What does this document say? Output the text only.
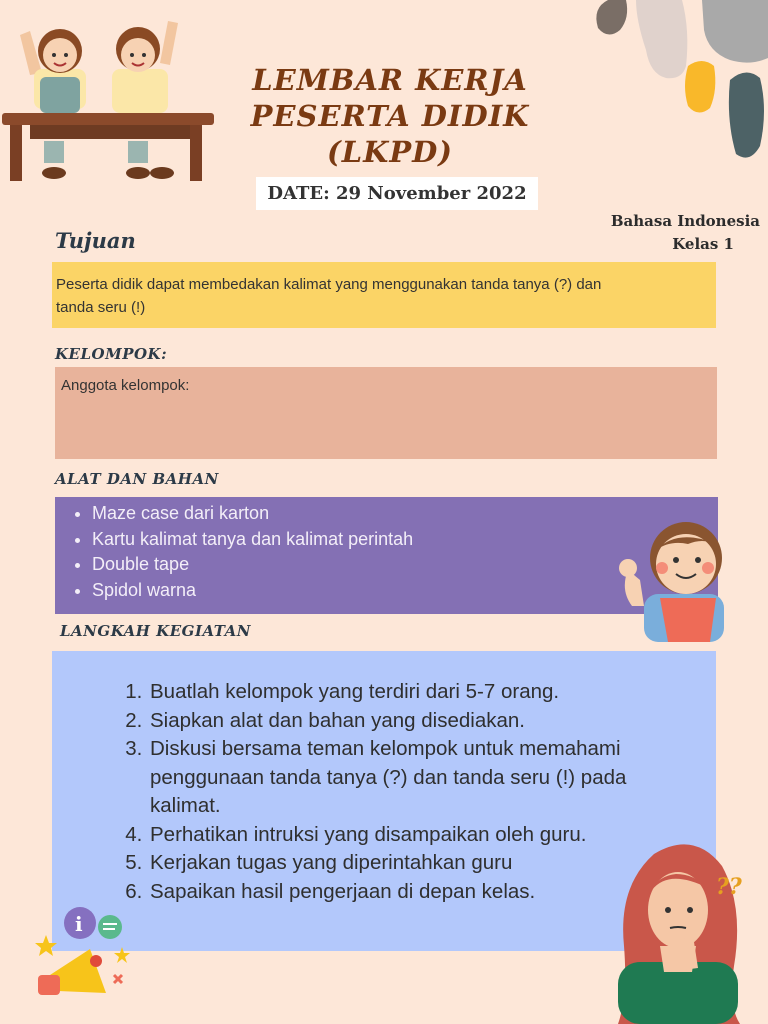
LEMBAR KERJA PESERTA DIDIK (LKPD)
DATE: 29 November 2022
Bahasa Indonesia
Kelas 1
Tujuan

Peserta didik dapat membedakan kalimat yang menggunakan tanda tanya (?) dan tanda seru (!)

KELOMPOK:

Anggota kelompok:

ALAT DAN BAHAN
• Maze case dari karton
• Kartu kalimat tanya dan kalimat perintah
• Double tape
• Spidol warna
LANGKAH KEGIATAN
1. Buatlah kelompok yang terdiri dari 5-7 orang.
2. Siapkan alat dan bahan yang disediakan.
3. Diskusi bersama teman kelompok untuk memahami penggunaan tanda tanya (?) dan tanda seru (!) pada kalimat.
4. Perhatikan intruksi yang disampaikan oleh guru.
5. Kerjakan tugas yang diperintahkan guru
6. Sapaikan hasil pengerjaan di depan kelas.
i
??
